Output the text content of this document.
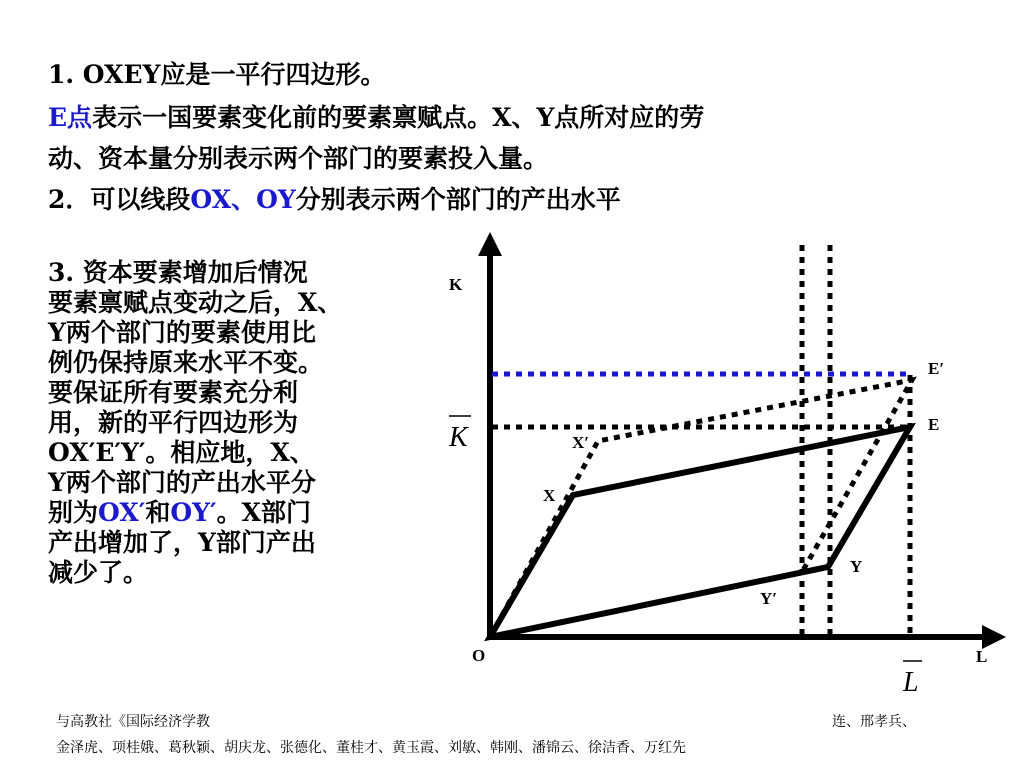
1. OXEY应是一平行四边形。
E点表示一国要素变化前的要素禀赋点。X、Y点所对应的劳
动、资本量分别表示两个部门的要素投入量。
2．可以线段OX、OY分别表示两个部门的产出水平
3. 资本要素增加后情况
要素禀赋点变动之后，X、
Y两个部门的要素使用比
例仍保持原来水平不变。
要保证所有要素充分利
用，新的平行四边形为
OX′E′Y′。相应地，X、
Y两个部门的产出水平分
别为OX′和OY′。X部门
产出增加了，Y部门产出
减少了。
K
L
O
K
L
E′
E
X′
X
Y
Y′
与高教社《国际经济学教	连、邢孝兵、
金泽虎、项桂娥、葛秋颖、胡庆龙、张德化、董桂才、黄玉霞、刘敏、韩刚、潘锦云、徐洁香、万红先
